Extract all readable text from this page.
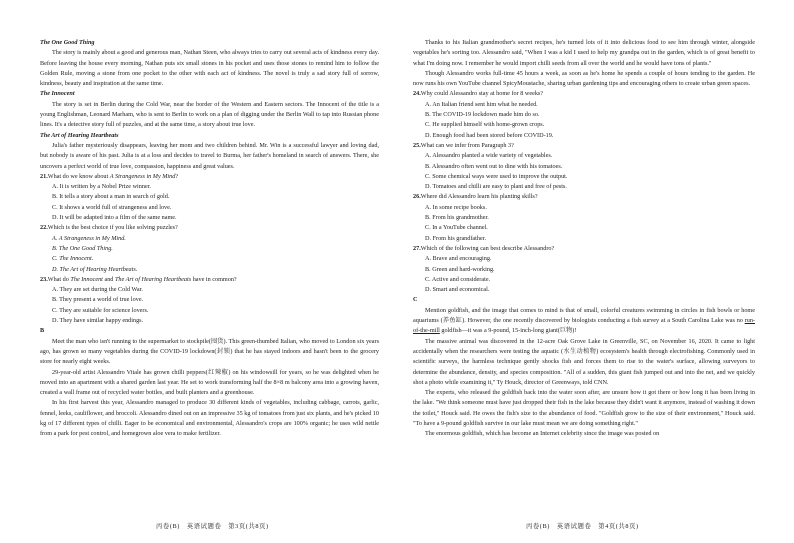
The One Good Thing

The story is mainly about a good and generous man, Nathan Steen, who always tries to carry out several acts of kindness every day. Before leaving the house every morning, Nathan puts six small stones in his pocket and uses those stones to remind him to follow the Golden Rule, moving a stone from one pocket to the other with each act of kindness. The novel is truly a sad story full of sorrow, kindness, beauty and inspiration at the same time.

The Innocent

The story is set in Berlin during the Cold War, near the border of the Western and Eastern sectors. The Innocent of the title is a young Englishman, Leonard Marham, who is sent to Berlin to work on a plan of digging under the Berlin Wall to tap into Russian phone lines. It's a detective story full of puzzles, and at the same time, a story about true love.

The Art of Hearing Heartbeats

Julia's father mysteriously disappears, leaving her mom and two children behind. Mr. Win is a successful lawyer and loving dad, but nobody is aware of his past. Julia is at a loss and decides to travel to Burma, her father's homeland in search of answers. There, she uncovers a perfect world of true love, compassion, happiness and great values.

21.What do we know about A Strangeness in My Mind?

A. It is written by a Nobel Prize winner.

B. It tells a story about a man in search of gold.

C. It shows a world full of strangeness and love.

D. It will be adapted into a film of the same name.

22.Which is the best choice if you like solving puzzles?

A. A Strangeness in My Mind.

B. The One Good Thing.

C. The Innocent.

D. The Art of Hearing Heartbeats.

23.What do The Innocent and The Art of Hearing Heartbeats have in common?

A. They are set during the Cold War.

B. They present a world of true love.

C. They are suitable for science lovers.

D. They have similar happy endings.

B

Meet the man who isn't running to the supermarket to stockpile(囤货). This green-thumbed Italian, who moved to London six years ago, has grown so many vegetables during the COVID-19 lockdown(封锁) that he has stayed indoors and hasn't been to the grocery store for nearly eight weeks.

29-year-old artist Alessandro Vitale has grown chilli peppers(红辣椒) on his windowsill for years, so he was delighted when he moved into an apartment with a shared garden last year. He set to work transforming half the 8×8 m balcony area into a growing haven, created a wall frame out of recycled water bottles, and built planters and a greenhouse.

In his first harvest this year, Alessandro managed to produce 30 different kinds of vegetables, including cabbage, carrots, garlic, fennel, leeks, cauliflower, and broccoli. Alessandro dined out on an impressive 35 kg of tomatoes from just six plants, and he's picked 10 kg of 17 different types of chilli. Eager to be economical and environmental, Alessandro's crops are 100% organic; he uses wild nettle from a park for pest control, and homegrown aloe vera to make fertilizer.

Thanks to his Italian grandmother's secret recipes, he's turned lots of it into delicious food to see him through winter, alongside vegetables he's sorting too. Alessandro said, "When I was a kid I used to help my grandpa out in the garden, which is of great benefit to what I'm doing now. I remember he would import chilli seeds from all over the world and he would have tons of plants."

Though Alessandro works full-time 45 hours a week, as soon as he's home he spends a couple of hours tending to the garden. He now runs his own YouTube channel SpicyMoustache, sharing urban gardening tips and encouraging others to create urban green spaces.

24.Why could Alessandro stay at home for 8 weeks?

A. An Italian friend sent him what he needed.

B. The COVID-19 lockdown made him do so.

C. He supplied himself with home-grown crops.

D. Enough food had been stored before COVID-19.

25.What can we infer from Paragraph 3?

A. Alessandro planted a wide variety of vegetables.

B. Alessandro often went out to dine with his tomatoes.

C. Some chemical ways were used to improve the output.

D. Tomatoes and chilli are easy to plant and free of pests.

26.Where did Alessandro learn his planting skills?

A. In some recipe books.

B. From his grandmother.

C. In a YouTube channel.

D. From his grandfather.

27.Which of the following can best describe Alessandro?

A. Brave and encouraging.

B. Green and hard-working.

C. Active and considerate.

D. Smart and economical.

C

Mention goldfish, and the image that comes to mind is that of small, colorful creatures swimming in circles in fish bowls or home aquariums (养鱼缸). However, the one recently discovered by biologists conducting a fish survey at a South Carolina Lake was no run-of-the-mill goldfish—it was a 9-pound, 15-inch-long giant(巨物)!

The massive animal was discovered in the 12-acre Oak Grove Lake in Greenville, SC, on November 16, 2020. It came to light accidentally when the researchers were testing the aquatic (水生动植物) ecosystem's health through electrofishing. Commonly used in scientific surveys, the harmless technique gently shocks fish and forces them to rise to the water's surface, allowing surveyors to determine the abundance, density, and species composition. "All of a sudden, this giant fish jumped out and into the net, and we quickly shot a photo while examining it," Ty Houck, director of Greenways, told CNN.

The experts, who released the goldfish back into the water soon after, are unsure how it got there or how long it has been living in the lake. "We think someone must have just dropped their fish in the lake because they didn't want it anymore, instead of washing it down the toilet," Houck said. He owes the fish's size to the abundance of food. "Goldfish grow to the size of their environment," Houck said. "To have a 9-pound goldfish survive in our lake must mean we are doing something right."

The enormous goldfish, which has become an Internet celebrity since the image was posted on

丙卷(B)　英语试题卷　第3页(共8页)	丙卷(B)　英语试题卷　第4页(共8页)
